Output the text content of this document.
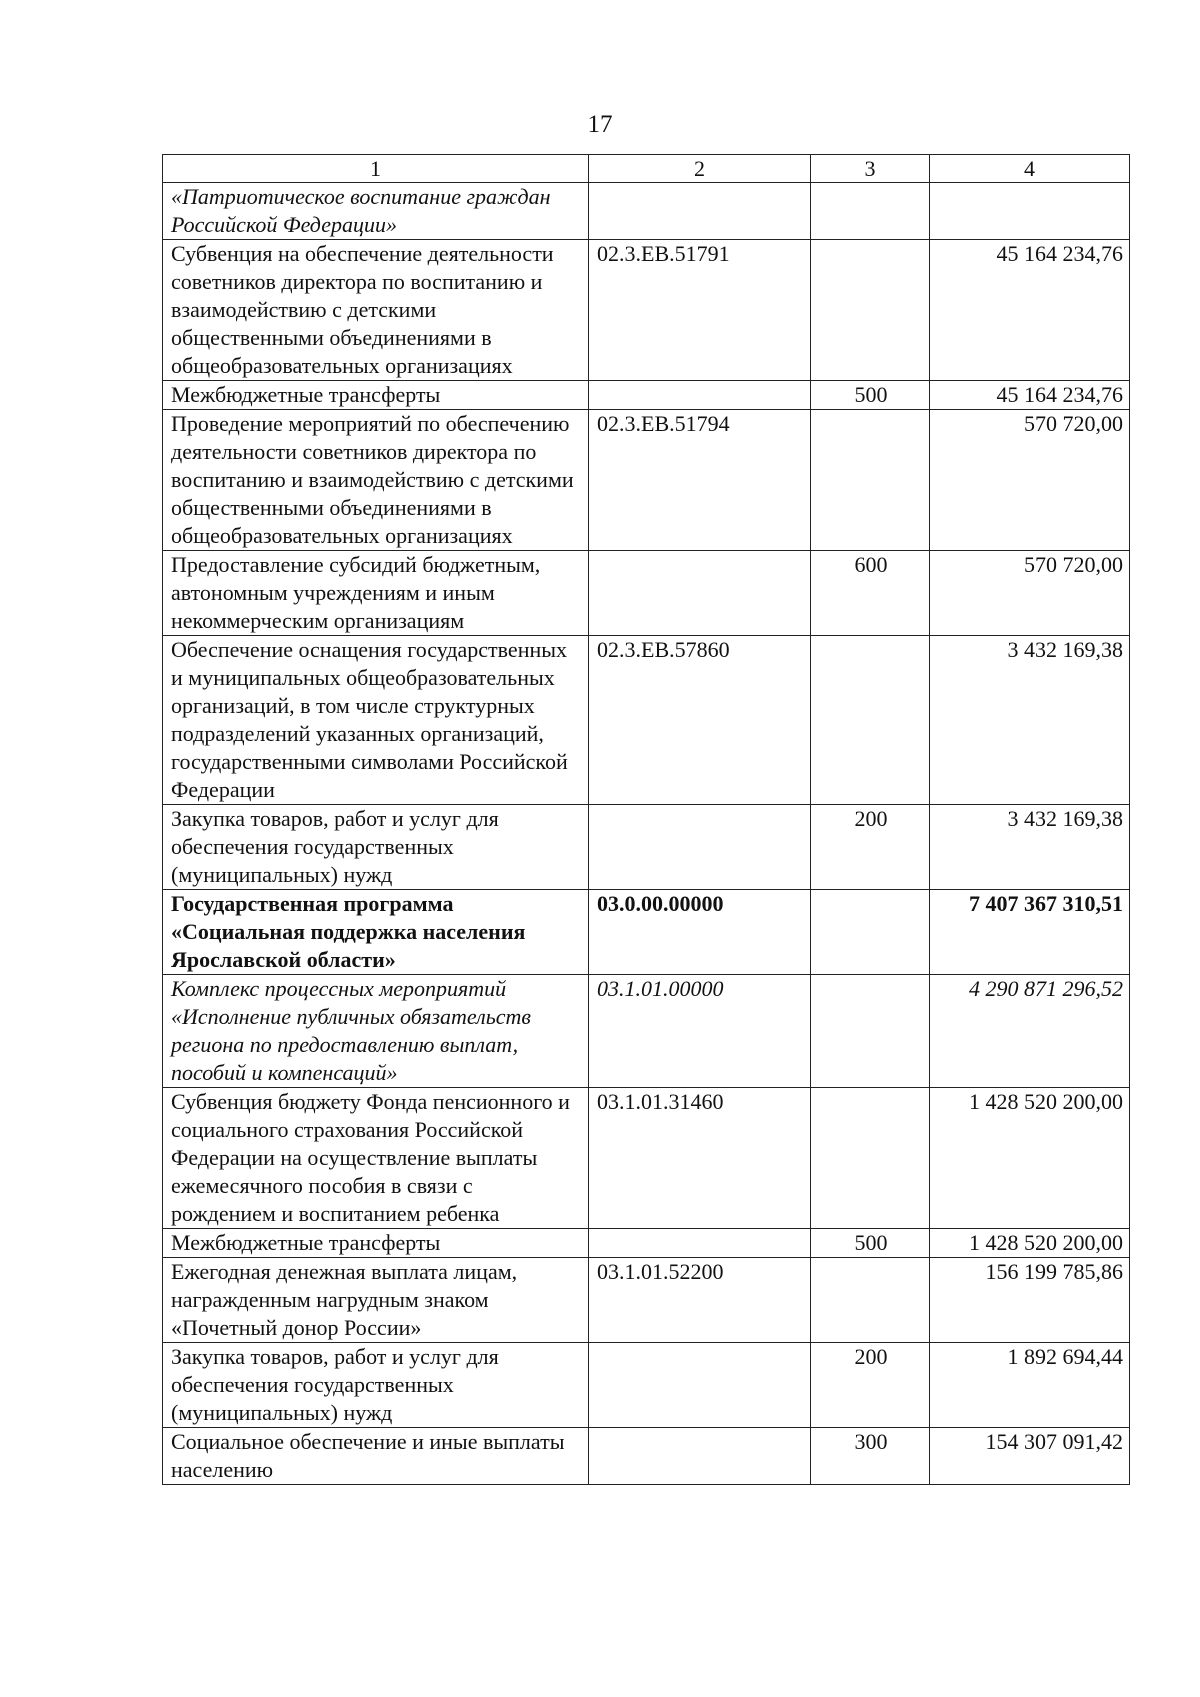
17
1	2	3	4
«Патриотическое воспитание граждан Российской Федерации»			
Субвенция на обеспечение деятельности советников директора по воспитанию и взаимодействию с детскими общественными объединениями в общеобразовательных организациях	02.3.ЕВ.51791		45 164 234,76
Межбюджетные трансферты		500	45 164 234,76
Проведение мероприятий по обеспечению деятельности советников директора по воспитанию и взаимодействию с детскими общественными объединениями в общеобразовательных организациях	02.3.ЕВ.51794		570 720,00
Предоставление субсидий бюджетным, автономным учреждениям и иным некоммерческим организациям		600	570 720,00
Обеспечение оснащения государственных и муниципальных общеобразовательных организаций, в том числе структурных подразделений указанных организаций, государственными символами Российской Федерации	02.3.ЕВ.57860		3 432 169,38
Закупка товаров, работ и услуг для обеспечения государственных (муниципальных) нужд		200	3 432 169,38
Государственная программа «Социальная поддержка населения Ярославской области»	03.0.00.00000		7 407 367 310,51
Комплекс процессных мероприятий «Исполнение публичных обязательств региона по предоставлению выплат, пособий и компенсаций»	03.1.01.00000		4 290 871 296,52
Субвенция бюджету Фонда пенсионного и социального страхования Российской Федерации на осуществление выплаты ежемесячного пособия в связи с рождением и воспитанием ребенка	03.1.01.31460		1 428 520 200,00
Межбюджетные трансферты		500	1 428 520 200,00
Ежегодная денежная выплата лицам, награжденным нагрудным знаком «Почетный донор России»	03.1.01.52200		156 199 785,86
Закупка товаров, работ и услуг для обеспечения государственных (муниципальных) нужд		200	1 892 694,44
Социальное обеспечение и иные выплаты населению		300	154 307 091,42
